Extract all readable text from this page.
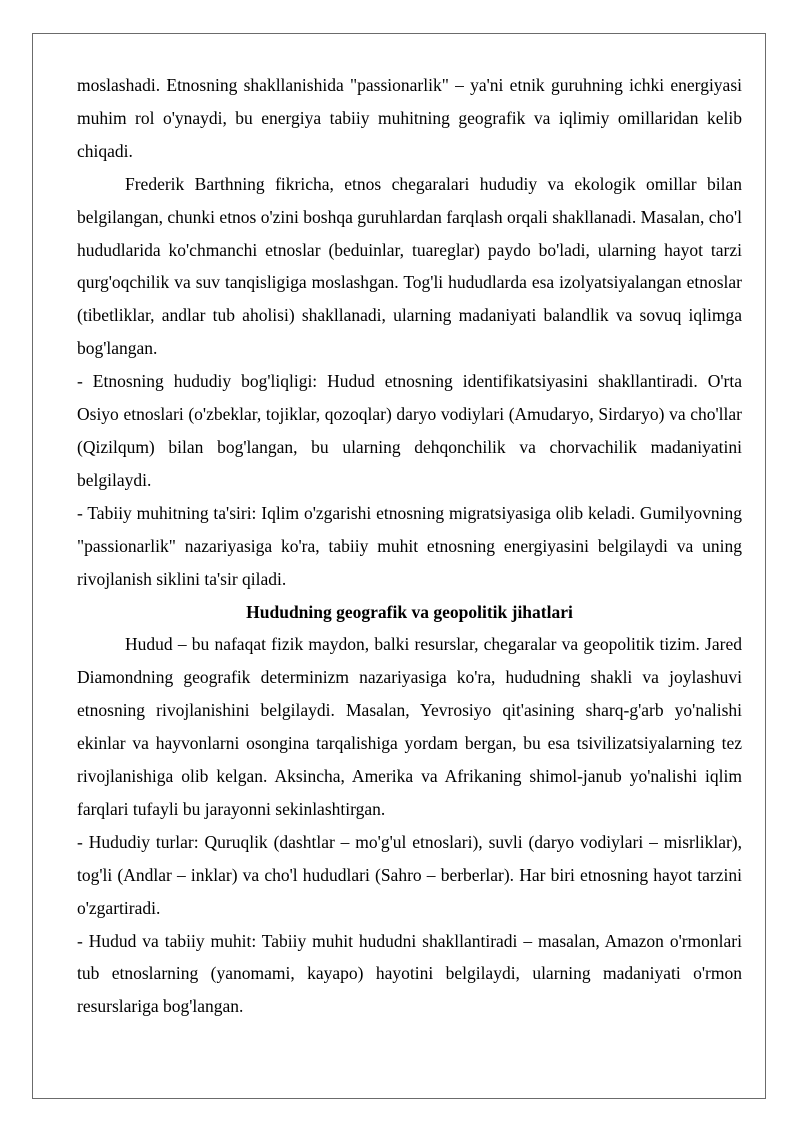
moslashadi. Etnosning shakllanishida "passionarlik" – ya'ni etnik guruhning ichki energiyasi muhim rol o'ynaydi, bu energiya tabiiy muhitning geografik va iqlimiy omillaridan kelib chiqadi.

Frederik Barthning fikricha, etnos chegaralari hududiy va ekologik omillar bilan belgilangan, chunki etnos o'zini boshqa guruhlardan farqlash orqali shakllanadi. Masalan, cho'l hududlarida ko'chmanchi etnoslar (beduinlar, tuareglar) paydo bo'ladi, ularning hayot tarzi qurg'oqchilik va suv tanqisligiga moslashgan. Tog'li hududlarda esa izolyatsiyalangan etnoslar (tibetliklar, andlar tub aholisi) shakllanadi, ularning madaniyati balandlik va sovuq iqlimga bog'langan.

- Etnosning hududiy bog'liqligi: Hudud etnosning identifikatsiyasini shakllantiradi. O'rta Osiyo etnoslari (o'zbeklar, tojiklar, qozoqlar) daryo vodiylari (Amudaryo, Sirdaryo) va cho'llar (Qizilqum) bilan bog'langan, bu ularning dehqonchilik va chorvachilik madaniyatini belgilaydi.

- Tabiiy muhitning ta'siri: Iqlim o'zgarishi etnosning migratsiyasiga olib keladi. Gumilyovning "passionarlik" nazariyasiga ko'ra, tabiiy muhit etnosning energiyasini belgilaydi va uning rivojlanish siklini ta'sir qiladi.

Hududning geografik va geopolitik jihatlari

Hudud – bu nafaqat fizik maydon, balki resurslar, chegaralar va geopolitik tizim. Jared Diamondning geografik determinizm nazariyasiga ko'ra, hududning shakli va joylashuvi etnosning rivojlanishini belgilaydi. Masalan, Yevrosiyo qit'asining sharq-g'arb yo'nalishi ekinlar va hayvonlarni osongina tarqalishiga yordam bergan, bu esa tsivilizatsiyalarning tez rivojlanishiga olib kelgan. Aksincha, Amerika va Afrikaning shimol-janub yo'nalishi iqlim farqlari tufayli bu jarayonni sekinlashtirgan.

- Hududiy turlar: Quruqlik (dashtlar – mo'g'ul etnoslari), suvli (daryo vodiylari – misrliklar), tog'li (Andlar – inklar) va cho'l hududlari (Sahro – berberlar). Har biri etnosning hayot tarzini o'zgartiradi.

- Hudud va tabiiy muhit: Tabiiy muhit hududni shakllantiradi – masalan, Amazon o'rmonlari tub etnoslarning (yanomami, kayapo) hayotini belgilaydi, ularning madaniyati o'rmon resurslariga bog'langan.
